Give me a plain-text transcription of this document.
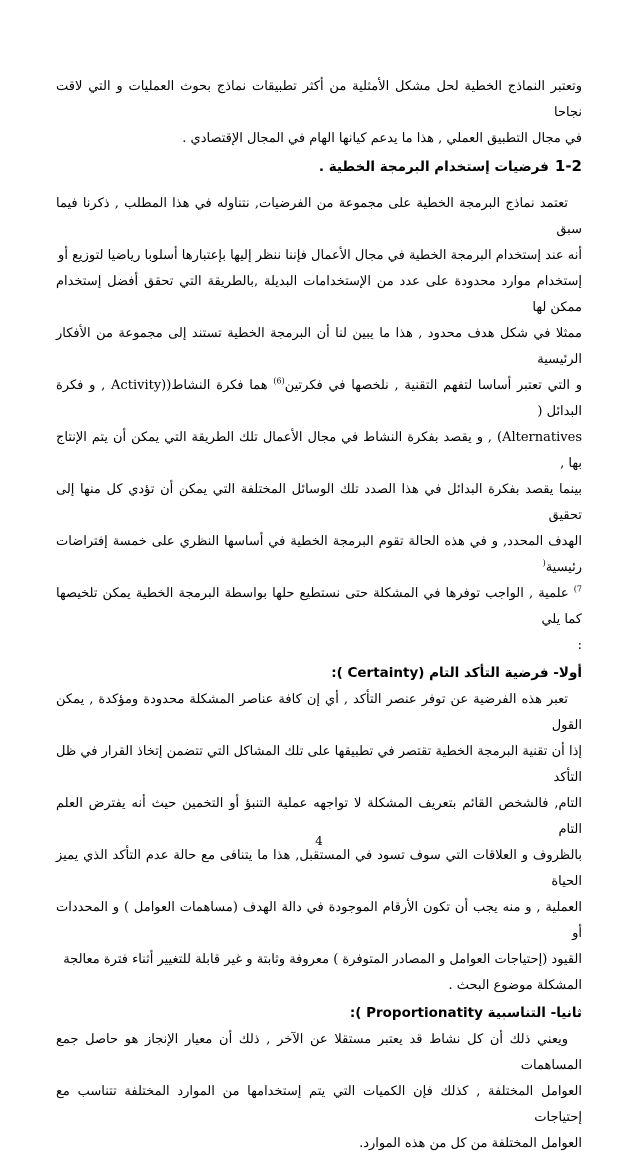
وتعتبر النماذج الخطية لحل مشكل الأمثلية من أكثر تطبيقات نماذج بحوث العمليات و التي لاقت نجاحا

في مجال التطبيق العملي , هذا ما يدعم كيانها الهام في المجال الإقتصادي .

1-2فرضيات إستخدام البرمجة الخطية .

تعتمد نماذج البرمجة الخطية على مجموعة من الفرضيات, نتناوله في هذا المطلب , ذكرنا فيما سبق

أنه عند إستخدام البرمجة الخطية في مجال الأعمال فإننا ننظر إليها بإعتبارها أسلوبا رياضيا لتوزيع أو

إستخدام موارد محدودة على عدد من الإستخدامات البديلة ,بالطريقة التي تحقق أفضل إستخدام ممكن لها

ممثلا في شكل هدف محدود , هذا ما يبين لنا أن البرمجة الخطية تستند إلى مجموعة من الأفكار الرئيسية

و التي تعتبر أساسا لتفهم التقنية , نلخصها في فكرتين$^{(6)}$ هما فكرة النشاط((Activity , و فكرة البدائل (

Alternatives) , و يقصد بفكرة النشاط في مجال الأعمال تلك الطريقة التي يمكن أن يتم الإنتاج بها ,

بينما يقصد بفكرة البدائل في هذا الصدد تلك الوسائل المختلفة التي يمكن أن تؤدي كل منها إلى تحقيق

الهدف المحدد, و في هذه الحالة تقوم البرمجة الخطية في أساسها النظري على خمسة إفتراضات رئيسية(

$^{7)}$ علمية , الواجب توفرها في المشكلة حتى نستطيع حلها بواسطة البرمجة الخطية يمكن تلخيصها كما يلي

:

أولا- فرضية التأكد التام (Certainty ):

تعبر هذه الفرضية عن توفر عنصر التأكد , أي إن كافة عناصر المشكلة محدودة ومؤكدة , يمكن القول

إذا أن تقنية البرمجة الخطية تقتصر في تطبيقها على تلك المشاكل التي تتضمن إتخاذ القرار في ظل التأكد

التام, فالشخص القائم بتعريف المشكلة لا تواجهه عملية التنبؤ أو التخمين حيث أنه يفترض العلم التام

بالظروف و العلاقات التي سوف تسود في المستقبل, هذا ما يتنافى مع حالة عدم التأكد الذي يميز الحياة

العملية , و منه يجب أن تكون الأرقام الموجودة في دالة الهدف (مساهمات العوامل ) و المحددات أو

القيود (إحتياجات العوامل و المصادر المتوفرة ) معروفة وثابتة و غير قابلة للتغيير أثناء فترة معالجة

المشكلة موضوع البحث .

ثانيا- التناسبية Proportionatity ):

ويعني ذلك أن كل نشاط قد يعتبر مستقلا عن الآخر , ذلك أن معيار الإنجاز هو حاصل جمع المساهمات

العوامل المختلفة , كذلك فإن الكميات التي يتم إستخدامها من الموارد المختلفة تتناسب مع إحتياجات

العوامل المختلفة من كل من هذه الموارد.

4
